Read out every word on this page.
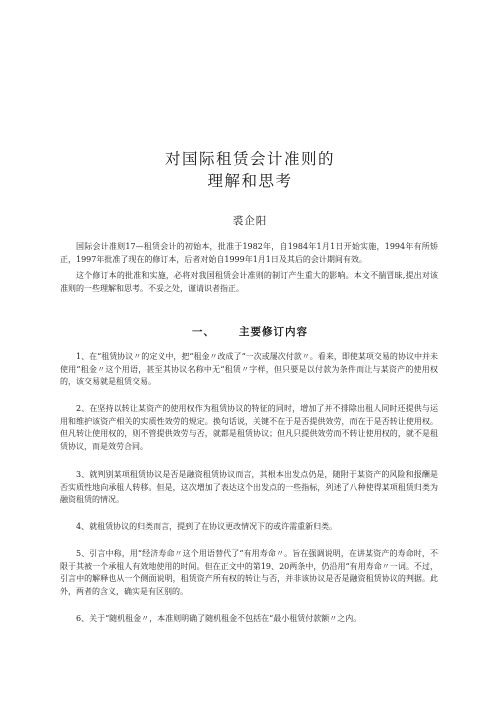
对国际租赁会计准则的
理解和思考
裘企阳

国际会计准则17—租赁会计的初始本，批准于1982年，自1984年1月1日开始实施，1994年有所矫正，1997年批准了现在的修订本，后者对始自1999年1月1日及其后的会计期间有效。

这个修订本的批准和实施，必将对我国租赁会计准则的制订产生重大的影响。本文不揣冒昧,提出对该准则的一些理解和思考。不妥之处，谨请识者指正。

一、 主要修订内容

1、在“租赁协议〃的定义中，把“租金〃改成了“一次或屡次付款〃。看来，即使某项交易的协议中并未使用“租金〃这个用语，甚至其协议名称中无“租赁〃字样，但只要是以付款为条件而让与某资产的使用权的，该交易就是租赁交易。

2、在坚持以转让某资产的使用权作为租赁协议的特征的同时，增加了并不排除出租人同时还提供与运用和维护该资产相关的实质性效劳的规定。换句话说，关键不在于是否提供效劳，而在于是否转让使用权。但凡转让使用权的，则不管提供效劳与否，就都是租赁协议；但凡只提供效劳而不转让使用权的，就不是租赁协议，而是效劳合同。

3、就判别某项租赁协议是否是融资租赁协议而言，其根本出发点仍是，随附于某资产的风险和报酬是否实质性地向承租人转移。但是，这次增加了表达这个出发点的一些指标，列述了八种使得某项租赁归类为融资租赁的情况。

4、就租赁协议的归类而言，提到了在协议更改情况下的或许需重新归类。

5、引言中称，用“经济寿命〃这个用语替代了“有用寿命〃。旨在强调说明，在讲某资产的寿命时，不限于其被一个承租人有效地使用的时间。但在正文中的第19、20两条中，仍沿用“有用寿命〃一词。不过，引言中的解释也从一个侧面说明，租赁资产所有权的转让与否，并非该协议是否是融资租赁协议的判据。此外，两者的含义，确实是有区别的。

6、关于“随机租金〃，本准则明确了随机租金不包括在“最小租赁付款额〃之内。
